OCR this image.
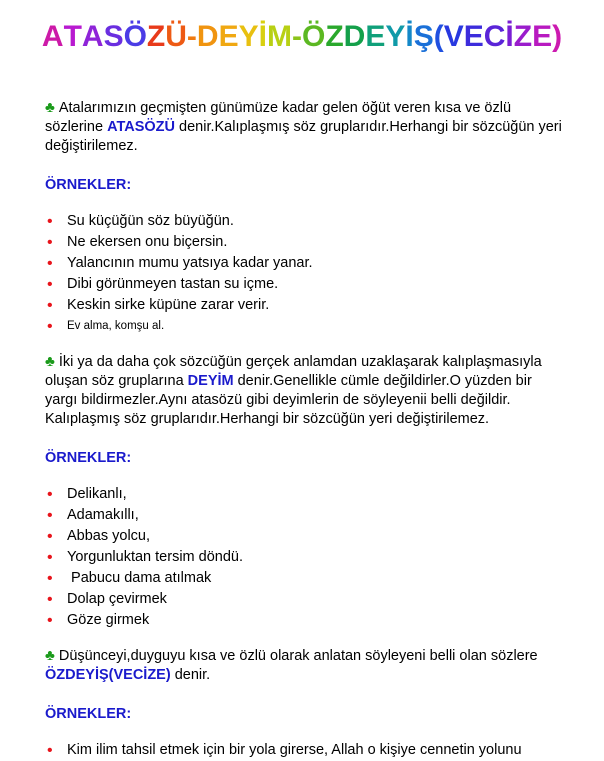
ATASÖZÜ-DEYİM-ÖZDEYİŞ(VECİZE)

♣ Atalarımızın geçmişten günümüze kadar gelen öğüt veren kısa ve özlü sözlerine ATASÖZÜ denir.Kalıplaşmış söz gruplarıdır.Herhangi bir sözcüğün yeri değiştirilemez.

ÖRNEKLER:

• Su küçüğün söz büyüğün.
• Ne ekersen onu biçersin.
• Yalancının mumu yatsıya kadar yanar.
• Dibi görünmeyen tastan su içme.
• Keskin sirke küpüne zarar verir.
• Ev alma, komşu al.

♣ İki ya da daha çok sözcüğün gerçek anlamdan uzaklaşarak kalıplaşmasıyla oluşan söz gruplarına DEYİM denir.Genellikle cümle değildirler.O yüzden bir yargı bildirmezler.Aynı atasözü gibi deyimlerin de söyleyenii belli değildir. Kalıplaşmış söz gruplarıdır.Herhangi bir sözcüğün yeri değiştirilemez.

ÖRNEKLER:

• Delikanlı,
• Adamakıllı,
• Abbas yolcu,
• Yorgunluktan tersim döndü.
• Pabucu dama atılmak
• Dolap çevirmek
• Göze girmek

♣ Düşünceyi,duyguyu kısa ve özlü olarak anlatan söyleyeni belli olan sözlere ÖZDEYİŞ(VECİZE) denir.

ÖRNEKLER:

• Kim ilim tahsil etmek için bir yola girerse, Allah o kişiye cennetin yolunu
